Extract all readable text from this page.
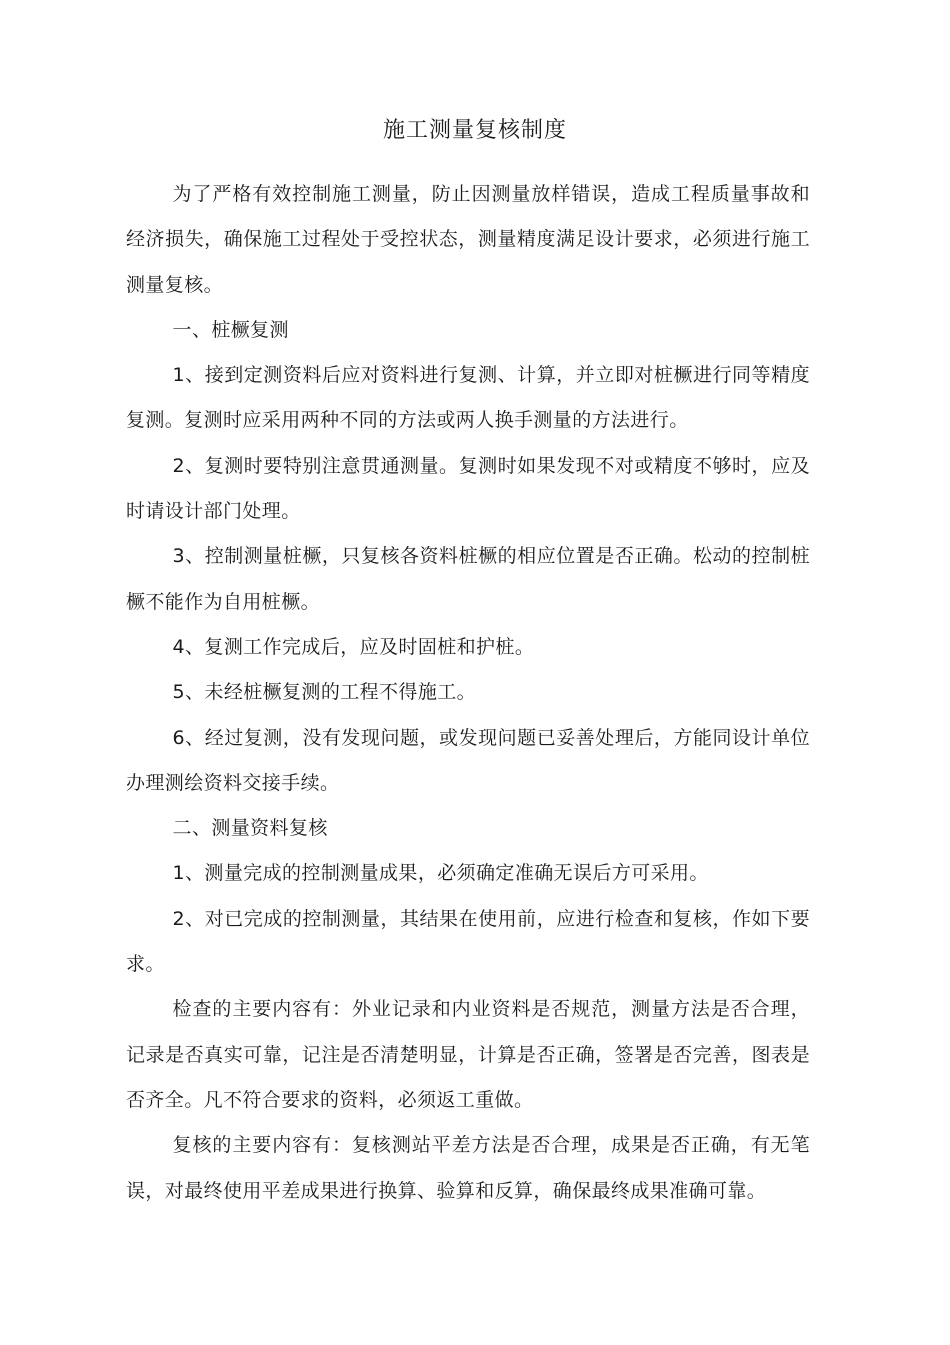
施工测量复核制度

为了严格有效控制施工测量，防止因测量放样错误，造成工程质量事故和经济损失，确保施工过程处于受控状态，测量精度满足设计要求，必须进行施工测量复核。

一、桩橛复测

1、接到定测资料后应对资料进行复测、计算，并立即对桩橛进行同等精度复测。复测时应采用两种不同的方法或两人换手测量的方法进行。

2、复测时要特别注意贯通测量。复测时如果发现不对或精度不够时，应及时请设计部门处理。

3、控制测量桩橛，只复核各资料桩橛的相应位置是否正确。松动的控制桩橛不能作为自用桩橛。

4、复测工作完成后，应及时固桩和护桩。

5、未经桩橛复测的工程不得施工。

6、经过复测，没有发现问题，或发现问题已妥善处理后，方能同设计单位办理测绘资料交接手续。

二、测量资料复核

1、测量完成的控制测量成果，必须确定准确无误后方可采用。

2、对已完成的控制测量，其结果在使用前，应进行检查和复核，作如下要求。

检查的主要内容有：外业记录和内业资料是否规范，测量方法是否合理，记录是否真实可靠，记注是否清楚明显，计算是否正确，签署是否完善，图表是否齐全。凡不符合要求的资料，必须返工重做。

复核的主要内容有：复核测站平差方法是否合理，成果是否正确，有无笔误，对最终使用平差成果进行换算、验算和反算，确保最终成果准确可靠。
